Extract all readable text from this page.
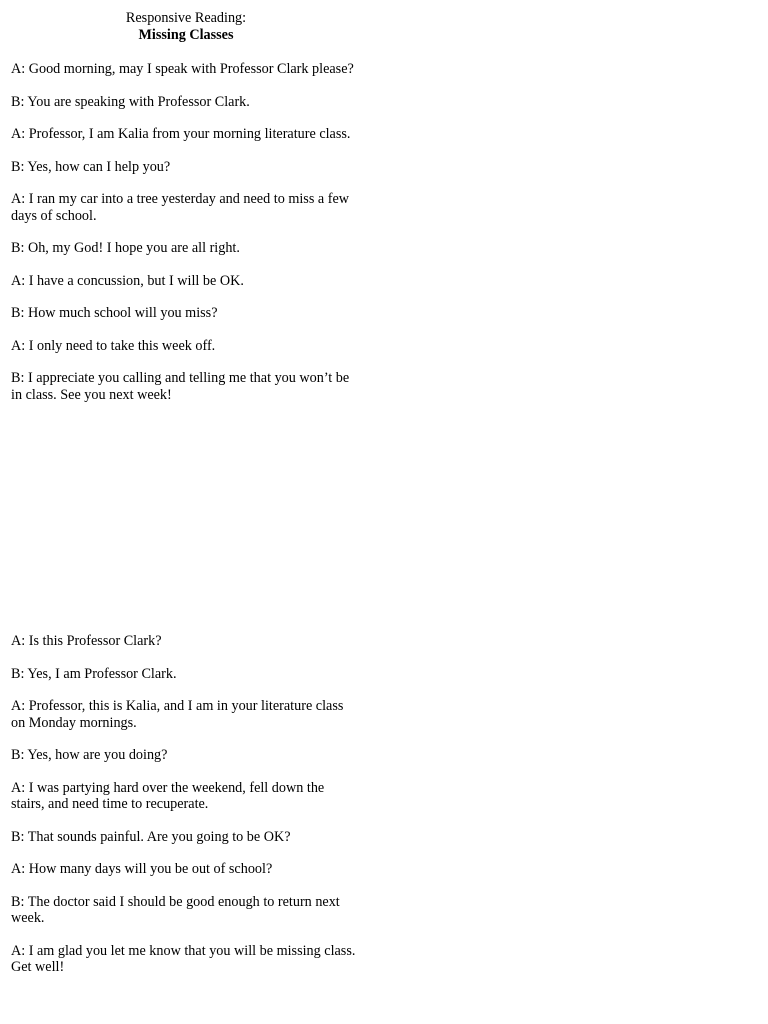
Responsive Reading:
Missing Classes
A: Good morning, may I speak with Professor Clark please?
B: You are speaking with Professor Clark.
A: Professor, I am Kalia from your morning literature class.
B: Yes, how can I help you?
A: I ran my car into a tree yesterday and need to miss a few days of school.
B: Oh, my God! I hope you are all right.
A: I have a concussion, but I will be OK.
B: How much school will you miss?
A: I only need to take this week off.
B: I appreciate you calling and telling me that you won’t be in class. See you next week!
A: Is this Professor Clark?
B: Yes, I am Professor Clark.
A: Professor, this is Kalia, and I am in your literature class on Monday mornings.
B: Yes, how are you doing?
A: I was partying hard over the weekend, fell down the stairs, and need time to recuperate.
B: That sounds painful. Are you going to be OK?
A: How many days will you be out of school?
B: The doctor said I should be good enough to return next week.
A: I am glad you let me know that you will be missing class. Get well!
